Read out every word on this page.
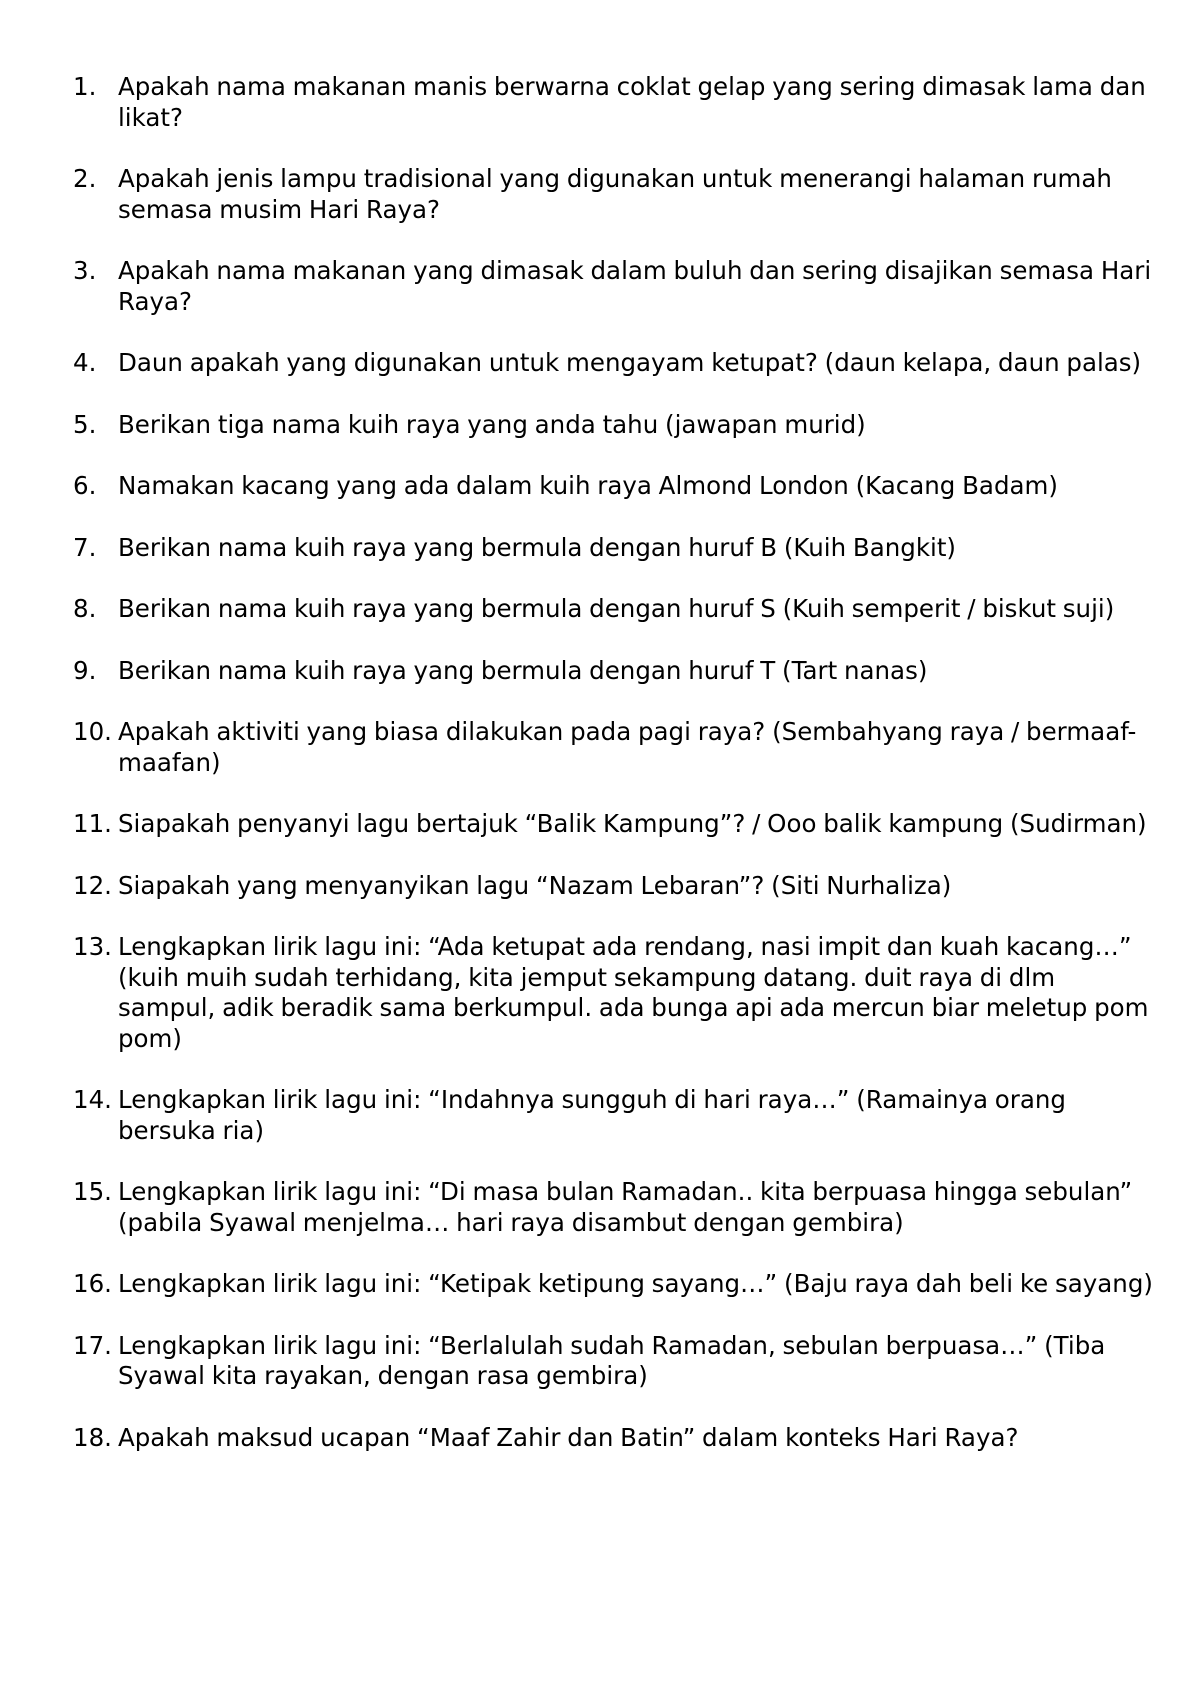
1. Apakah nama makanan manis berwarna coklat gelap yang sering dimasak lama dan likat?
2. Apakah jenis lampu tradisional yang digunakan untuk menerangi halaman rumah semasa musim Hari Raya?
3. Apakah nama makanan yang dimasak dalam buluh dan sering disajikan semasa Hari Raya?
4. Daun apakah yang digunakan untuk mengayam ketupat? (daun kelapa, daun palas)
5. Berikan tiga nama kuih raya yang anda tahu (jawapan murid)
6. Namakan kacang yang ada dalam kuih raya Almond London (Kacang Badam)
7. Berikan nama kuih raya yang bermula dengan huruf B (Kuih Bangkit)
8. Berikan nama kuih raya yang bermula dengan huruf S (Kuih semperit / biskut suji)
9. Berikan nama kuih raya yang bermula dengan huruf T (Tart nanas)
10. Apakah aktiviti yang biasa dilakukan pada pagi raya? (Sembahyang raya / bermaaf-maafan)
11. Siapakah penyanyi lagu bertajuk “Balik Kampung”? / Ooo balik kampung (Sudirman)
12. Siapakah yang menyanyikan lagu “Nazam Lebaran”? (Siti Nurhaliza)
13. Lengkapkan lirik lagu ini: “Ada ketupat ada rendang, nasi impit dan kuah kacang…” (kuih muih sudah terhidang, kita jemput sekampung datang. duit raya di dlm sampul, adik beradik sama berkumpul. ada bunga api ada mercun biar meletup pom pom)
14. Lengkapkan lirik lagu ini: “Indahnya sungguh di hari raya…” (Ramainya orang bersuka ria)
15. Lengkapkan lirik lagu ini: “Di masa bulan Ramadan.. kita berpuasa hingga sebulan” (pabila Syawal menjelma… hari raya disambut dengan gembira)
16. Lengkapkan lirik lagu ini: “Ketipak ketipung sayang…” (Baju raya dah beli ke sayang)
17. Lengkapkan lirik lagu ini: “Berlalulah sudah Ramadan, sebulan berpuasa…” (Tiba Syawal kita rayakan, dengan rasa gembira)
18. Apakah maksud ucapan “Maaf Zahir dan Batin” dalam konteks Hari Raya?
